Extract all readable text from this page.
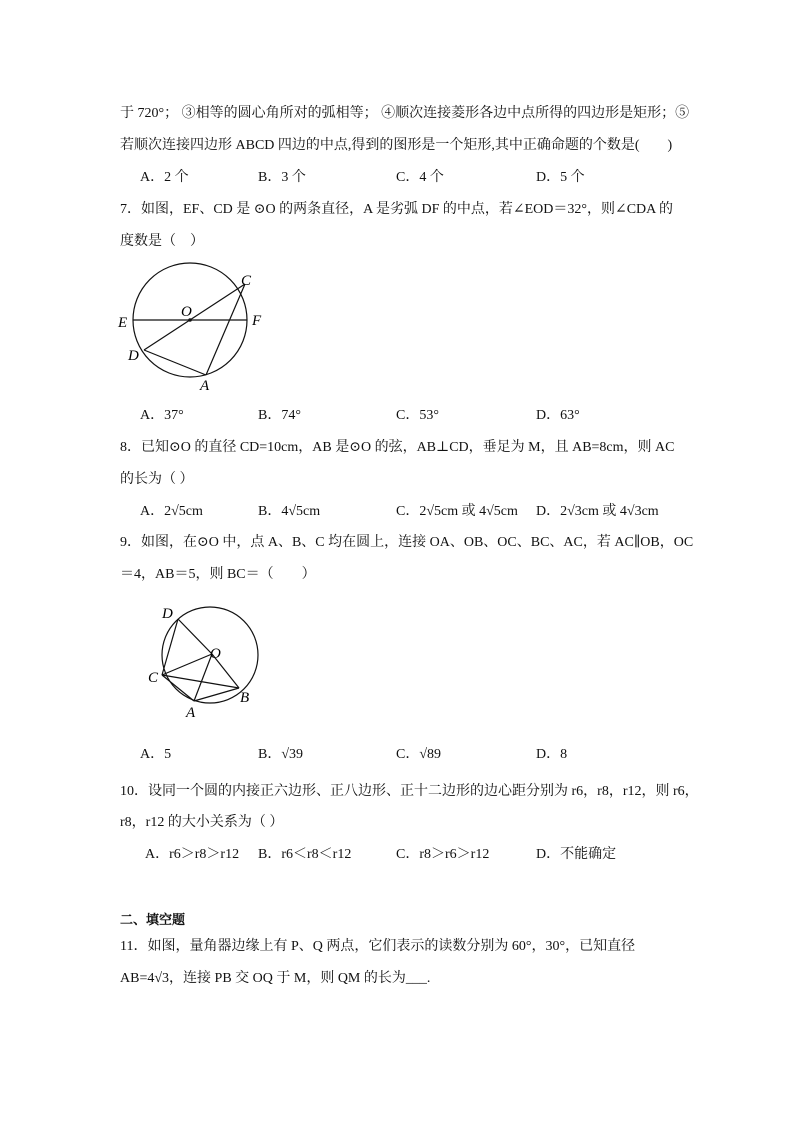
于 720°； ③相等的圆心角所对的弧相等； ④顺次连接菱形各边中点所得的四边形是矩形；⑤
若顺次连接四边形 ABCD 四边的中点,得到的图形是一个矩形,其中正确命题的个数是(　　)
A．2 个	B．3 个	C．4 个	D．5 个
7．如图，EF、CD 是 ⊙O 的两条直径，A 是劣弧 DF 的中点，若∠EOD＝32°，则∠CDA 的
度数是（　）
C
O
E	F
D
A
A．37°	B．74°	C．53°	D．63°
8．已知⊙O 的直径 CD=10cm，AB 是⊙O 的弦，AB⊥CD，垂足为 M，且 AB=8cm，则 AC
的长为（ ）
A．2√5cm	B．4√5cm	C．2√5cm 或 4√5cm D．2√3cm 或 4√3cm
9．如图，在⊙O 中，点 A、B、C 均在圆上，连接 OA、OB、OC、BC、AC，若 AC∥OB，OC
＝4，AB＝5，则 BC＝（　　）
D
O
C
B
A
A．5	B．√39	C．√89	D．8
10．设同一个圆的内接正六边形、正八边形、正十二边形的边心距分别为 r6，r8，r12，则 r6，
r8，r12 的大小关系为（ ）
A．r6＞r8＞r12 B．r6＜r8＜r12	C．r8＞r6＞r12	D．不能确定
二、填空题
11．如图，量角器边缘上有 P、Q 两点，它们表示的读数分别为 60°，30°，已知直径
AB=4√3，连接 PB 交 OQ 于 M，则 QM 的长为___.
